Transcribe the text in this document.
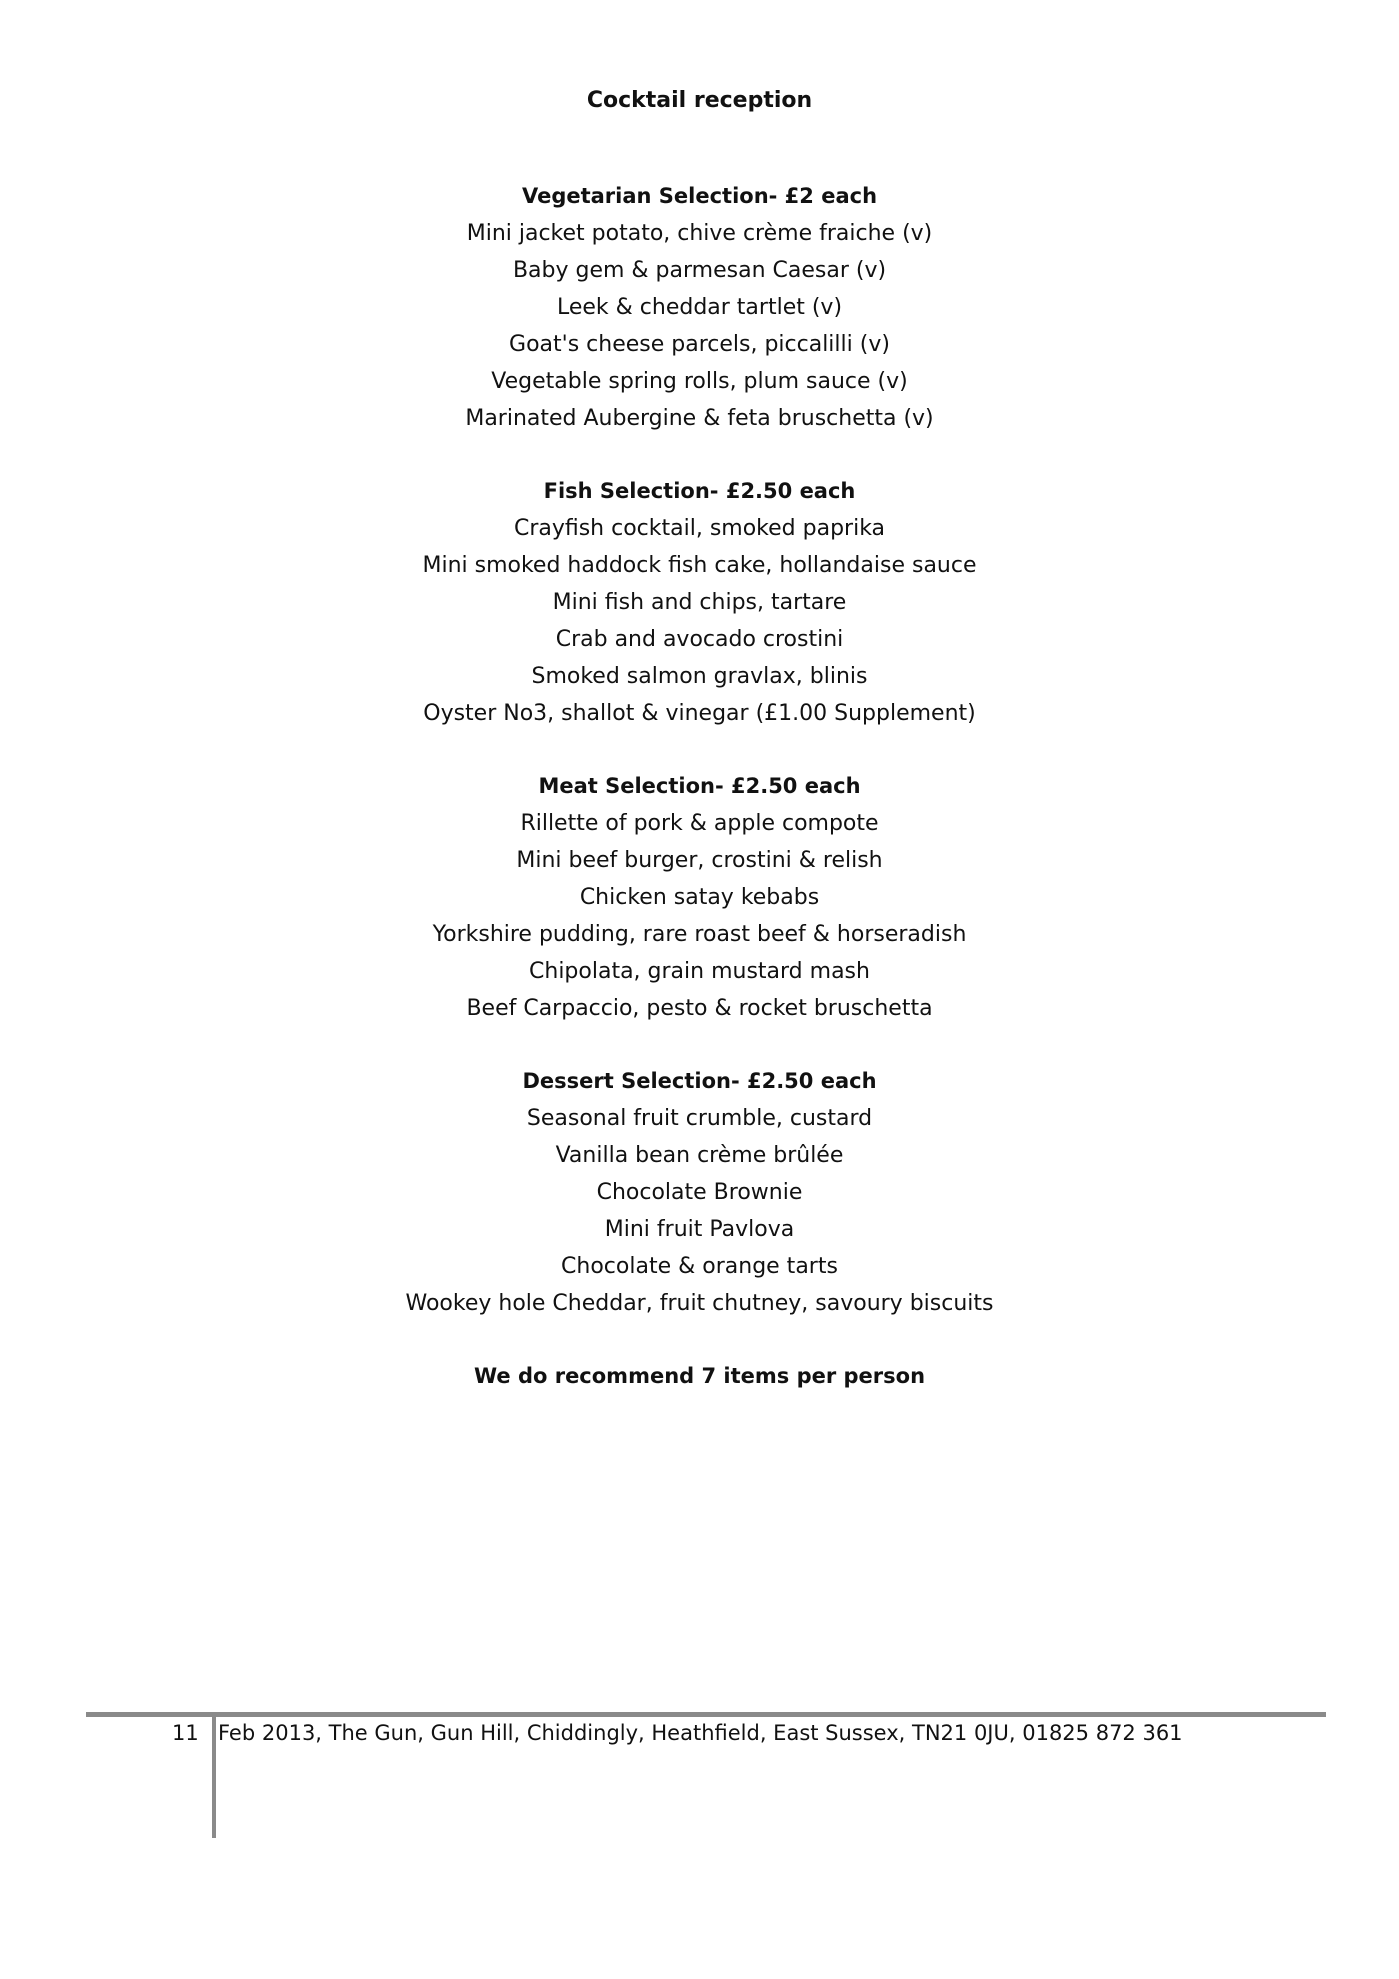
Cocktail reception

Vegetarian Selection- £2 each

Mini jacket potato, chive crème fraiche (v)

Baby gem & parmesan Caesar (v)

Leek & cheddar tartlet (v)

Goat's cheese parcels, piccalilli (v)

Vegetable spring rolls, plum sauce (v)

Marinated Aubergine & feta bruschetta (v)

Fish Selection- £2.50 each

Crayfish cocktail, smoked paprika

Mini smoked haddock fish cake, hollandaise sauce

Mini fish and chips, tartare

Crab and avocado crostini

Smoked salmon gravlax, blinis

Oyster No3, shallot & vinegar (£1.00 Supplement)

Meat Selection- £2.50 each

Rillette of pork & apple compote

Mini beef burger, crostini & relish

Chicken satay kebabs

Yorkshire pudding, rare roast beef & horseradish

Chipolata, grain mustard mash

Beef Carpaccio, pesto & rocket bruschetta

Dessert Selection- £2.50 each

Seasonal fruit crumble, custard

Vanilla bean crème brûlée

Chocolate Brownie

Mini fruit Pavlova

Chocolate & orange tarts

Wookey hole Cheddar, fruit chutney, savoury biscuits

We do recommend 7 items per person

11 Feb 2013, The Gun, Gun Hill, Chiddingly, Heathfield, East Sussex, TN21 0JU, 01825 872 361
